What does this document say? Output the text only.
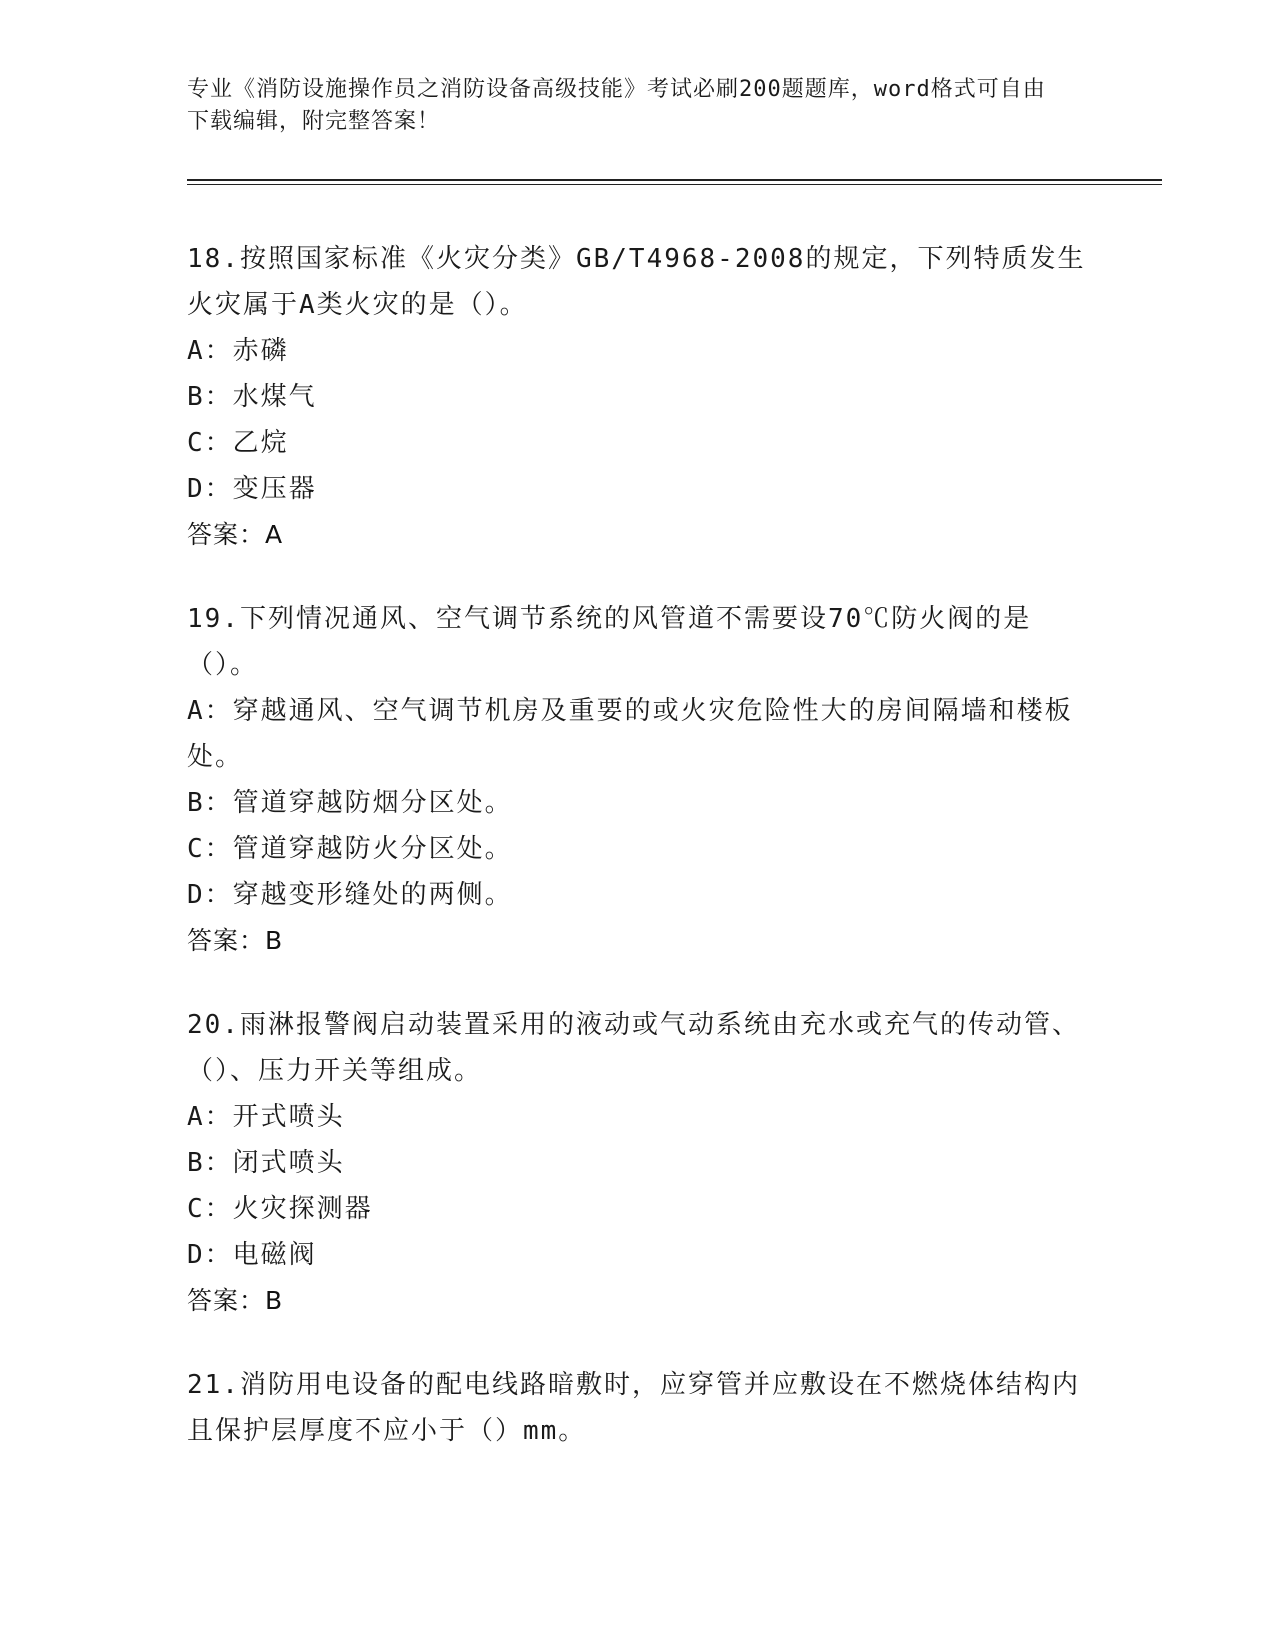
专业《消防设施操作员之消防设备高级技能》考试必刷200题题库，word格式可自由下载编辑，附完整答案！
18.按照国家标准《火灾分类》GB/T4968-2008的规定，下列特质发生火灾属于A类火灾的是（）。
A：赤磷
B：水煤气
C：乙烷
D：变压器
答案：A
19.下列情况通风、空气调节系统的风管道不需要设70℃防火阀的是（）。
A：穿越通风、空气调节机房及重要的或火灾危险性大的房间隔墙和楼板处。
B：管道穿越防烟分区处。
C：管道穿越防火分区处。
D：穿越变形缝处的两侧。
答案：B
20.雨淋报警阀启动装置采用的液动或气动系统由充水或充气的传动管、（）、压力开关等组成。
A：开式喷头
B：闭式喷头
C：火灾探测器
D：电磁阀
答案：B
21.消防用电设备的配电线路暗敷时，应穿管并应敷设在不燃烧体结构内且保护层厚度不应小于（）mm。
